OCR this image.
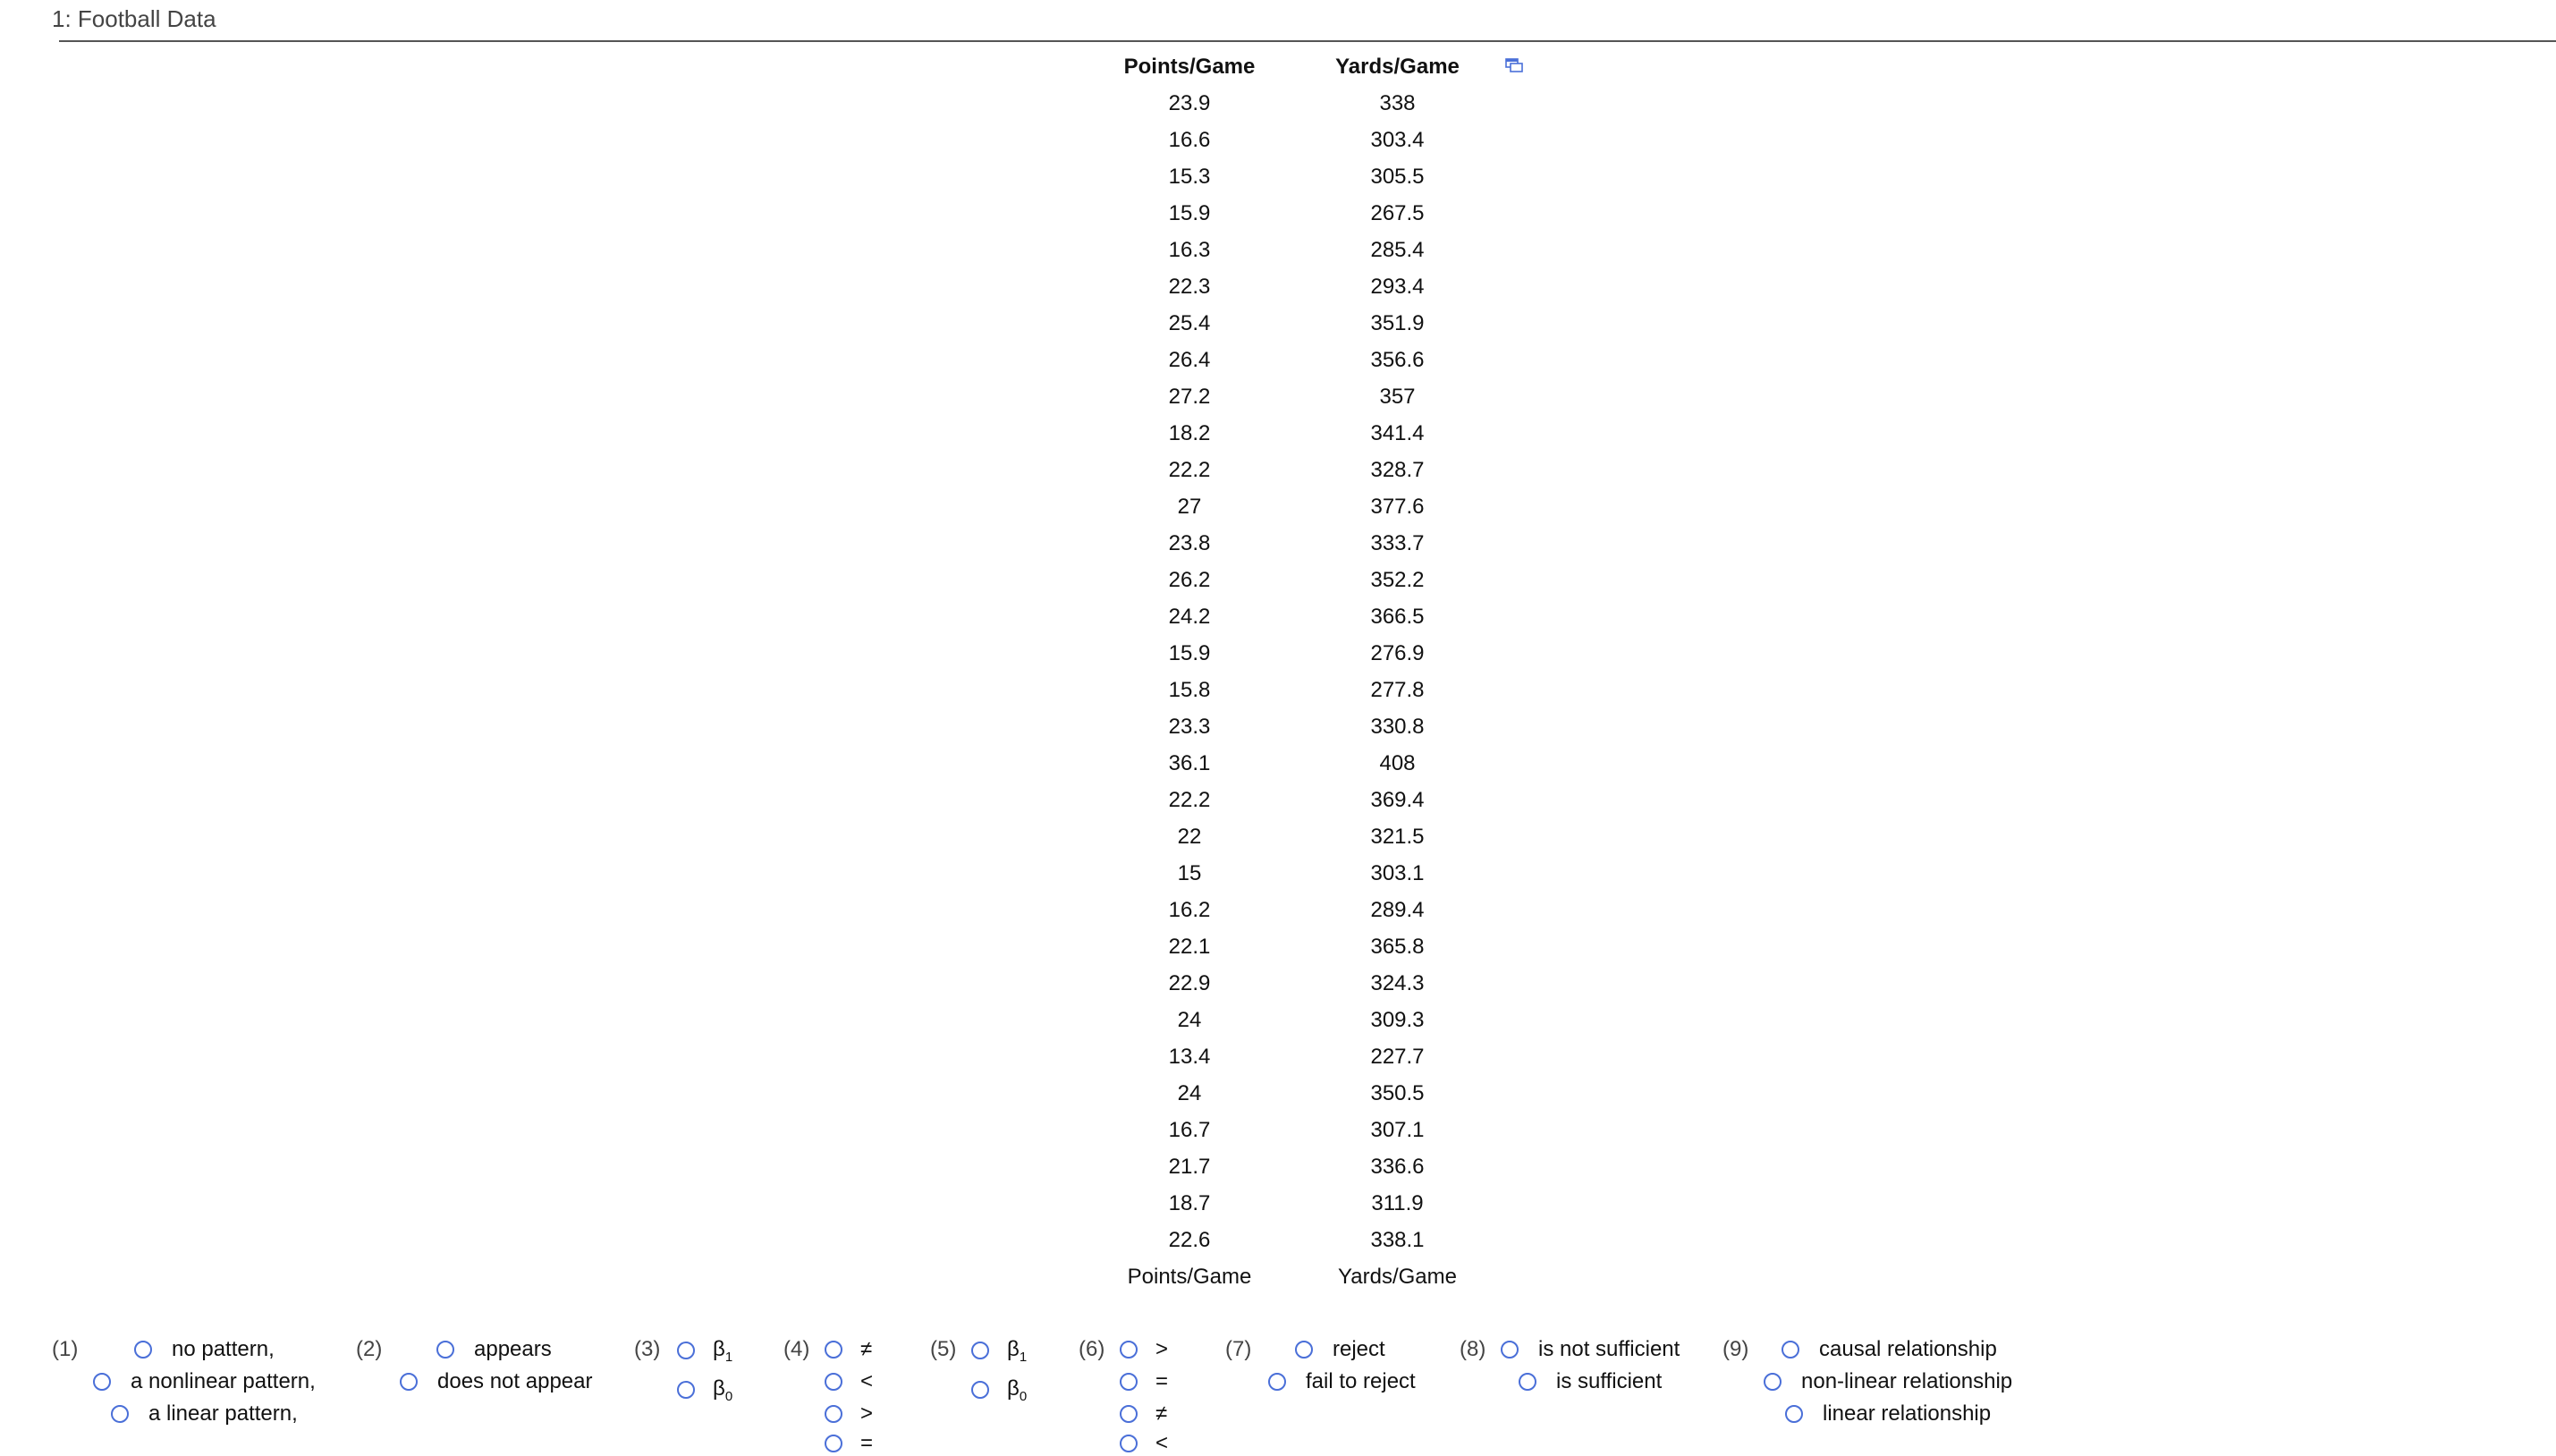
1: Football Data
Points/Game	Yards/Game
23.9	338
16.6	303.4
15.3	305.5
15.9	267.5
16.3	285.4
22.3	293.4
25.4	351.9
26.4	356.6
27.2	357
18.2	341.4
22.2	328.7
27	377.6
23.8	333.7
26.2	352.2
24.2	366.5
15.9	276.9
15.8	277.8
23.3	330.8
36.1	408
22.2	369.4
22	321.5
15	303.1
16.2	289.4
22.1	365.8
22.9	324.3
24	309.3
13.4	227.7
24	350.5
16.7	307.1
21.7	336.6
18.7	311.9
22.6	338.1
Points/Game	Yards/Game
(1)	no pattern,
a nonlinear pattern,
a linear pattern,
(2)	appears
does not appear
(3) $\beta_1$
$\beta_0$
(4) ≠
<
>
=
(5) $\beta_1$
$\beta_0$
(6) >
=
≠
<
(7)	reject
fail to reject
(8) is not sufficient
is sufficient
(9)	causal relationship
non-linear relationship
linear relationship
